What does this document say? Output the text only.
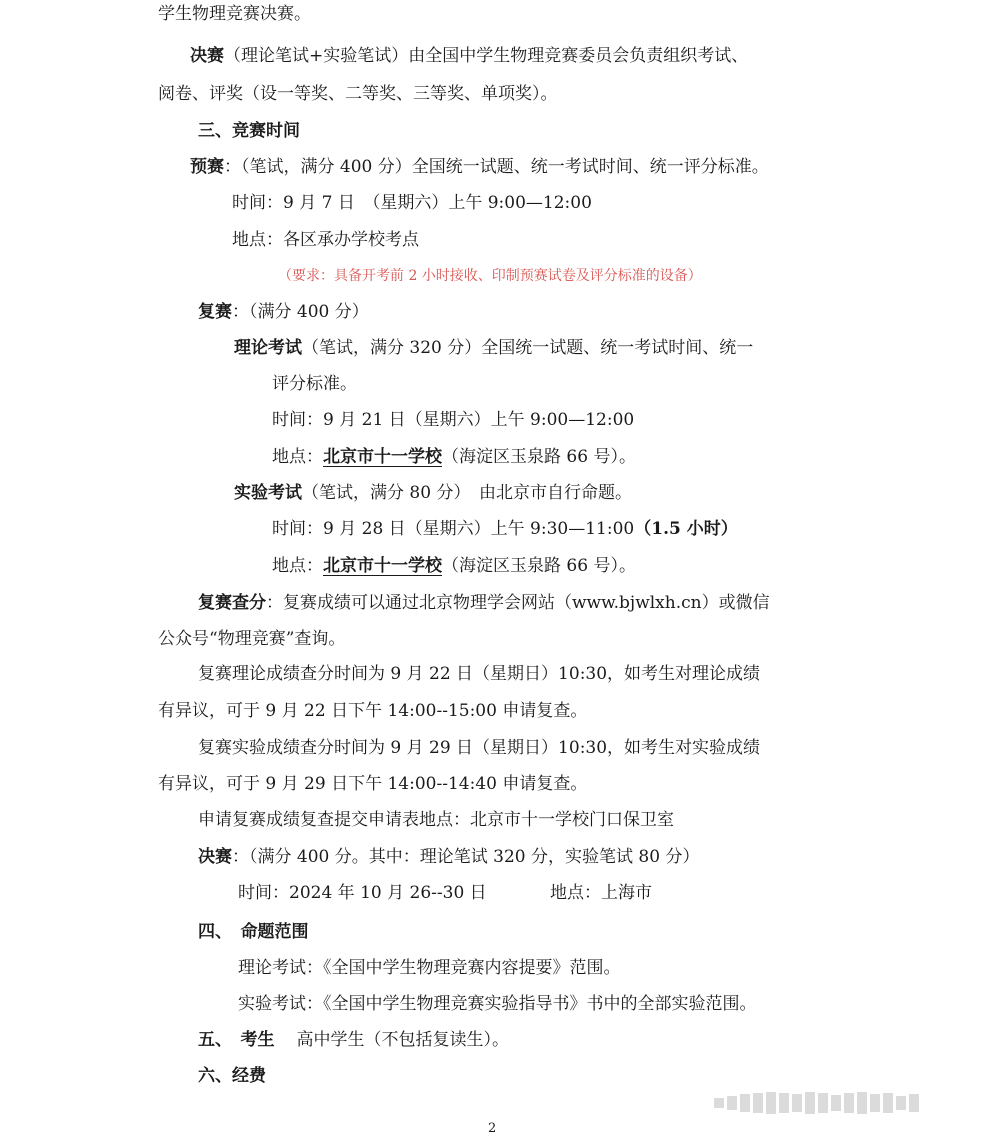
学生物理竞赛决赛。
决赛（理论笔试+实验笔试）由全国中学生物理竞赛委员会负责组织考试、
阅卷、评奖（设一等奖、二等奖、三等奖、单项奖）。
三、竞赛时间
预赛：（笔试，满分 400 分）全国统一试题、统一考试时间、统一评分标准。
时间：9 月 7 日　（星期六）上午 9:00—12:00
地点：各区承办学校考点
（要求：具备开考前 2 小时接收、印制预赛试卷及评分标准的设备）
复赛：（满分 400 分）
理论考试（笔试，满分 320 分）全国统一试题、统一考试时间、统一
评分标准。
时间：9 月 21 日（星期六）上午 9:00—12:00
地点：北京市十一学校（海淀区玉泉路 66 号）。
实验考试（笔试，满分 80 分）　由北京市自行命题。
时间：9 月 28 日（星期六）上午 9:30—11:00（1.5 小时）
地点：北京市十一学校（海淀区玉泉路 66 号）。
复赛查分：复赛成绩可以通过北京物理学会网站（www.bjwlxh.cn）或微信
公众号“物理竞赛”查询。
复赛理论成绩查分时间为 9 月 22 日（星期日）10:30，如考生对理论成绩
有异议，可于 9 月 22 日下午 14:00--15:00 申请复查。
复赛实验成绩查分时间为 9 月 29 日（星期日）10:30，如考生对实验成绩
有异议，可于 9 月 29 日下午 14:00--14:40 申请复查。
申请复赛成绩复查提交申请表地点：北京市十一学校门口保卫室
决赛：（满分 400 分。其中：理论笔试 320 分，实验笔试 80 分）
时间：2024 年 10 月 26--30 日	地点：上海市
四、　命题范围
理论考试：《全国中学生物理竞赛内容提要》范围。
实验考试：《全国中学生物理竞赛实验指导书》书中的全部实验范围。
五、　考生 高中学生（不包括复读生）。
六、经费
2
